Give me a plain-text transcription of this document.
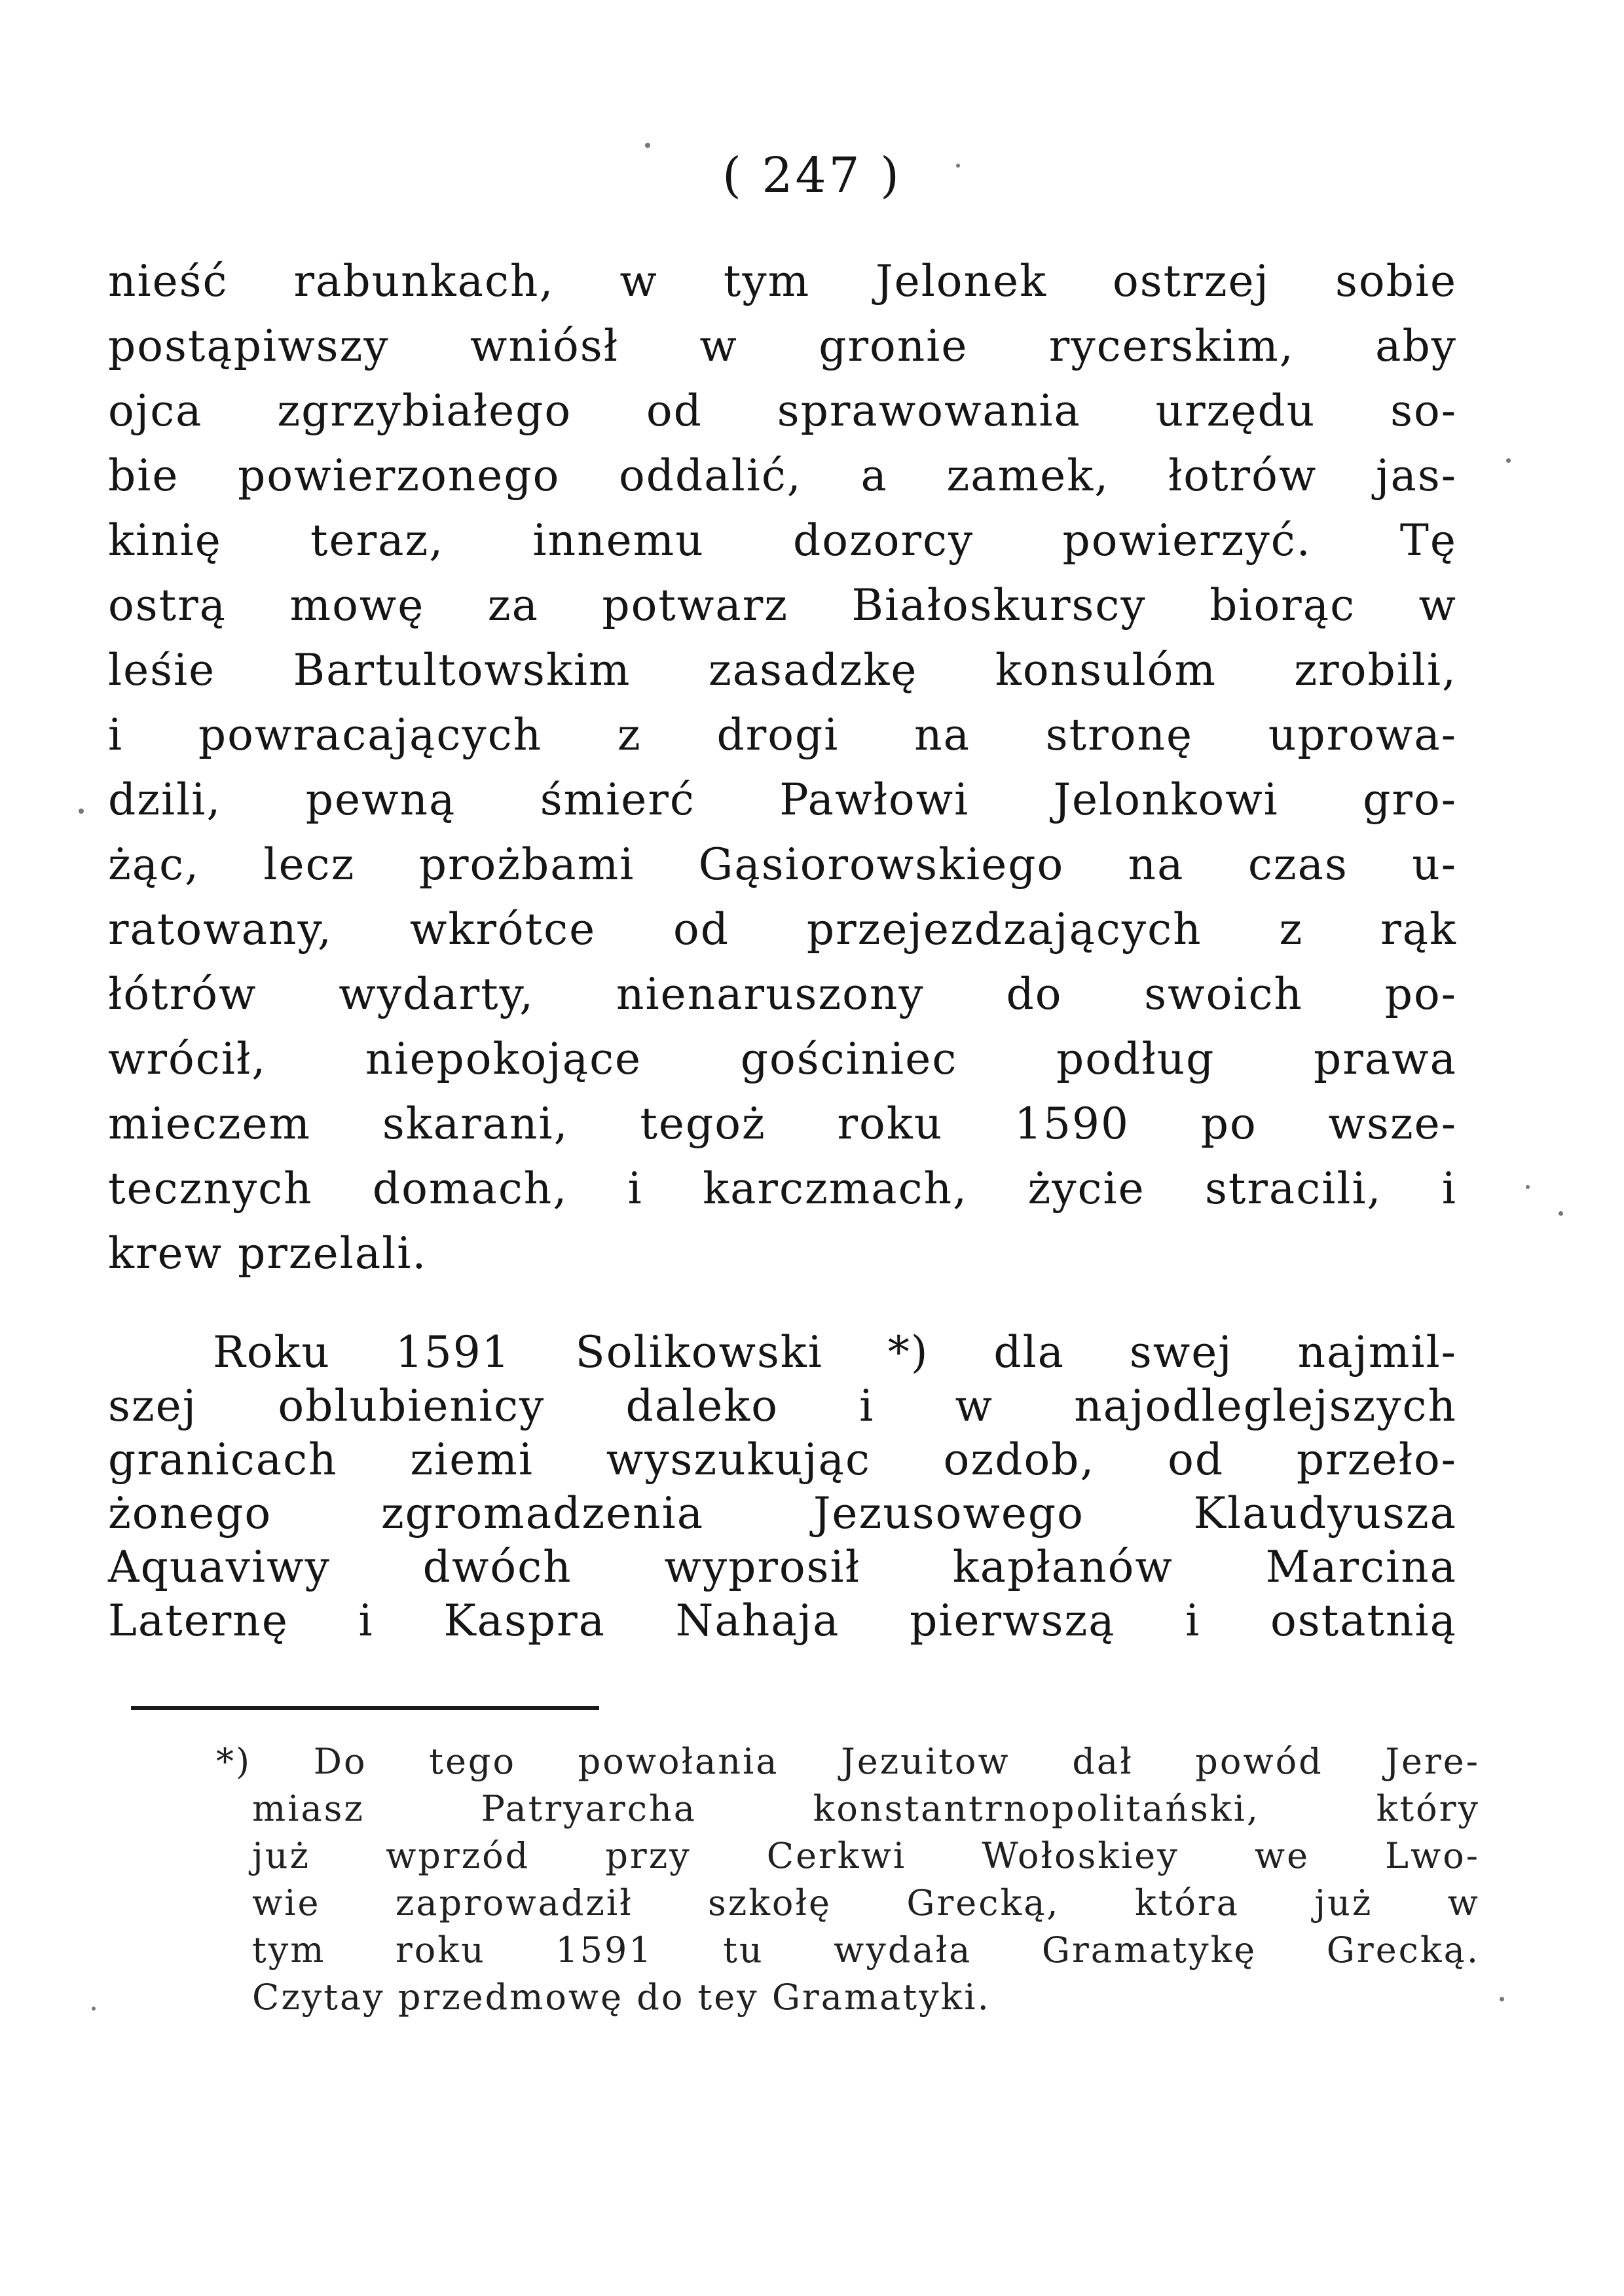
( 247 )
nieść rabunkach, w tym Jelonek ostrzej sobie
postąpiwszy wniósł w gronie rycerskim, aby
ojca zgrzybiałego od sprawowania urzędu so-
bie powierzonego oddalić, a zamek, łotrów jas-
kinię teraz, innemu dozorcy powierzyć. Tę
ostrą mowę za potwarz Białoskurscy biorąc w
leśie Bartultowskim zasadzkę konsulóm zrobili,
i powracających z drogi na stronę uprowa-
dzili, pewną śmierć Pawłowi Jelonkowi gro-
żąc, lecz prożbami Gąsiorowskiego na czas u-
ratowany, wkrótce od przejezdzających z rąk
łótrów wydarty, nienaruszony do swoich po-
wrócił, niepokojące gościniec podług prawa
mieczem skarani, tegoż roku 1590 po wsze-
tecznych domach, i karczmach, życie stracili, i
krew przelali.
Roku 1591 Solikowski *) dla swej najmil-
szej oblubienicy daleko i w najodleglejszych
granicach ziemi wyszukując ozdob, od przeło-
żonego zgromadzenia Jezusowego Klaudyusza
Aquaviwy dwóch wyprosił kapłanów Marcina
Laternę i Kaspra Nahaja pierwszą i ostatnią
*) Do tego powołania Jezuitow dał powód Jere-
miasz Patryarcha konstantrnopolitański, który
już wprzód przy Cerkwi Wołoskiey we Lwo-
wie zaprowadził szkołę Grecką, która już w
tym roku 1591 tu wydała Gramatykę Grecką.
Czytay przedmowę do tey Gramatyki.
